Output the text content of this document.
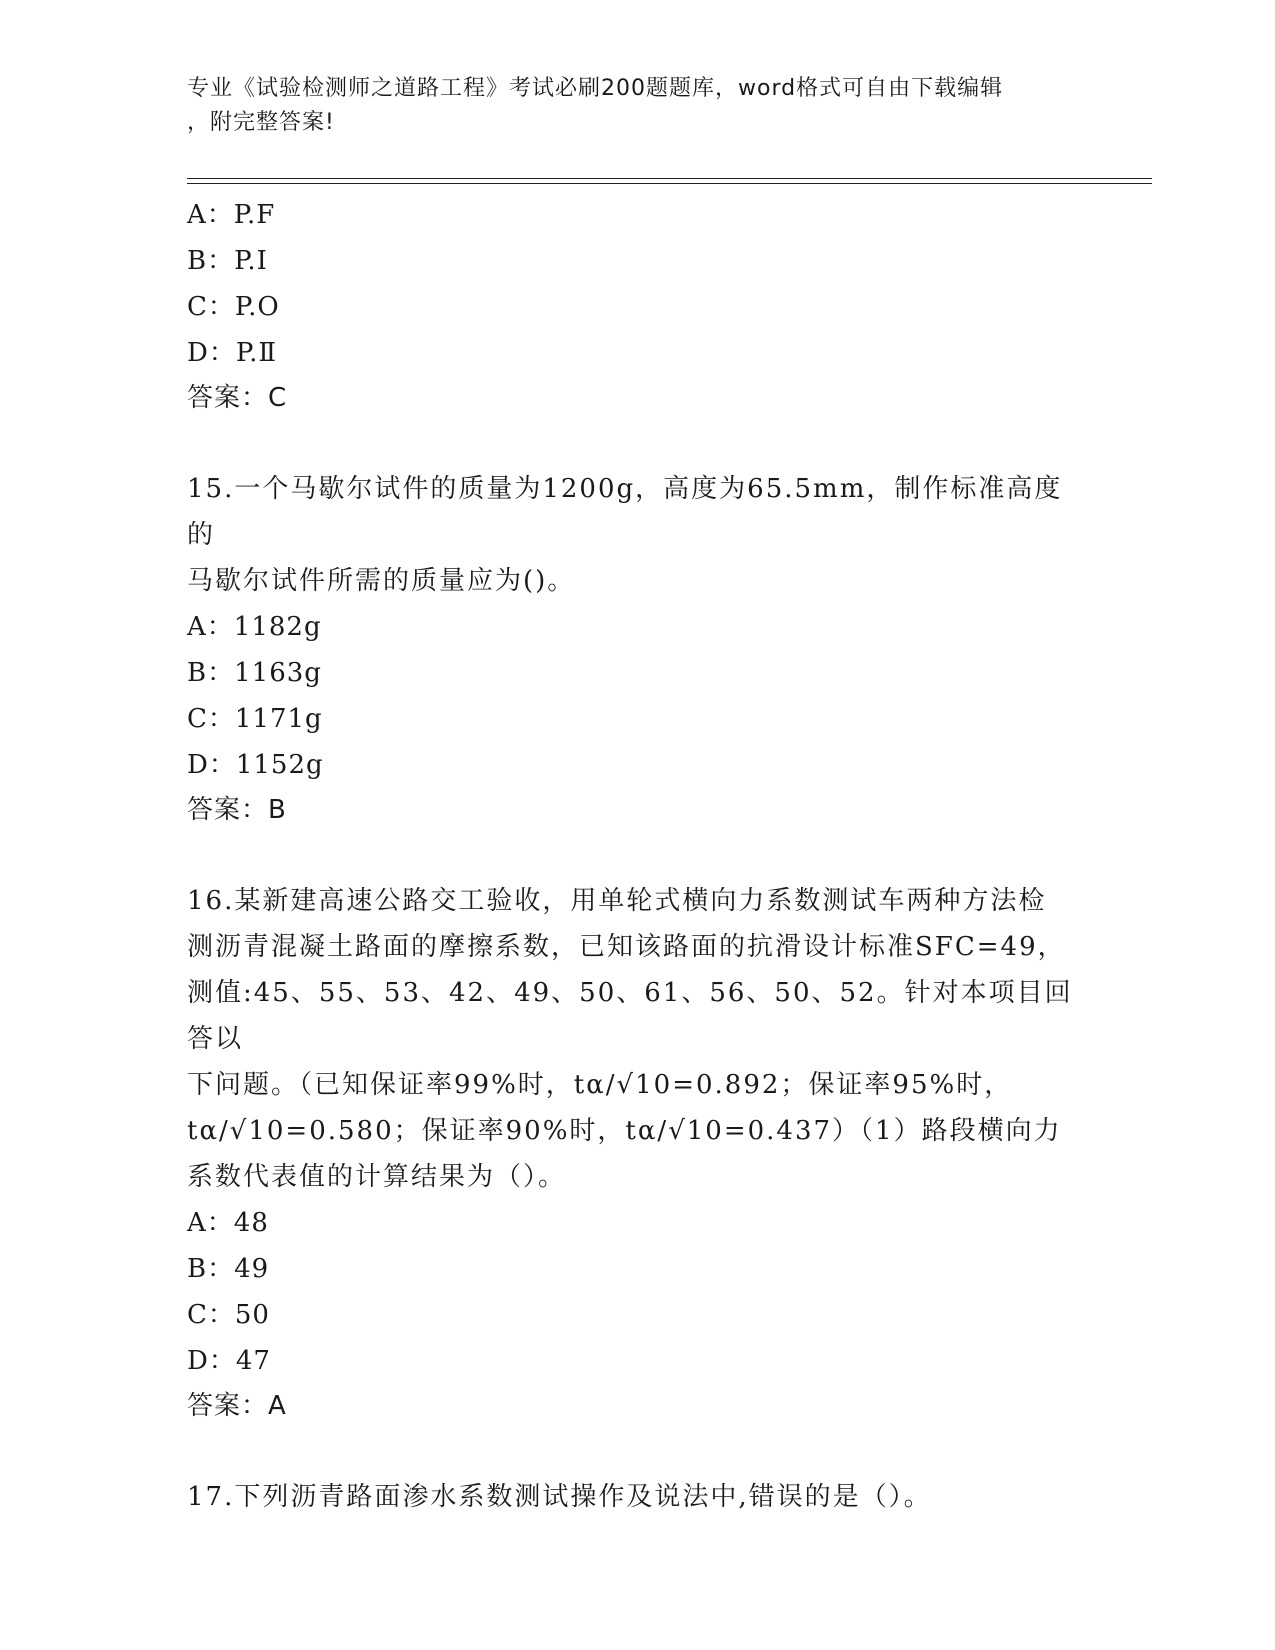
专业《试验检测师之道路工程》考试必刷200题题库，word格式可自由下载编辑
，附完整答案!
A：P.F
B：P.Ⅰ
C：P.O
D：P.Ⅱ
答案：C
15.一个马歇尔试件的质量为1200g，高度为65.5mm，制作标准高度的
马歇尔试件所需的质量应为()。
A：1182g
B：1163g
C：1171g
D：1152g
答案：B
16.某新建高速公路交工验收，用单轮式横向力系数测试车两种方法检
测沥青混凝土路面的摩擦系数，已知该路面的抗滑设计标准SFC=49，
测值:45、55、53、42、49、50、61、56、50、52。针对本项目回答以
下问题。（已知保证率99%时，tα/√10=0.892；保证率95%时，
tα/√10=0.580；保证率90%时，tα/√10=0.437）（1）路段横向力
系数代表值的计算结果为（）。
A：48
B：49
C：50
D：47
答案：A
17.下列沥青路面渗水系数测试操作及说法中,错误的是（）。
